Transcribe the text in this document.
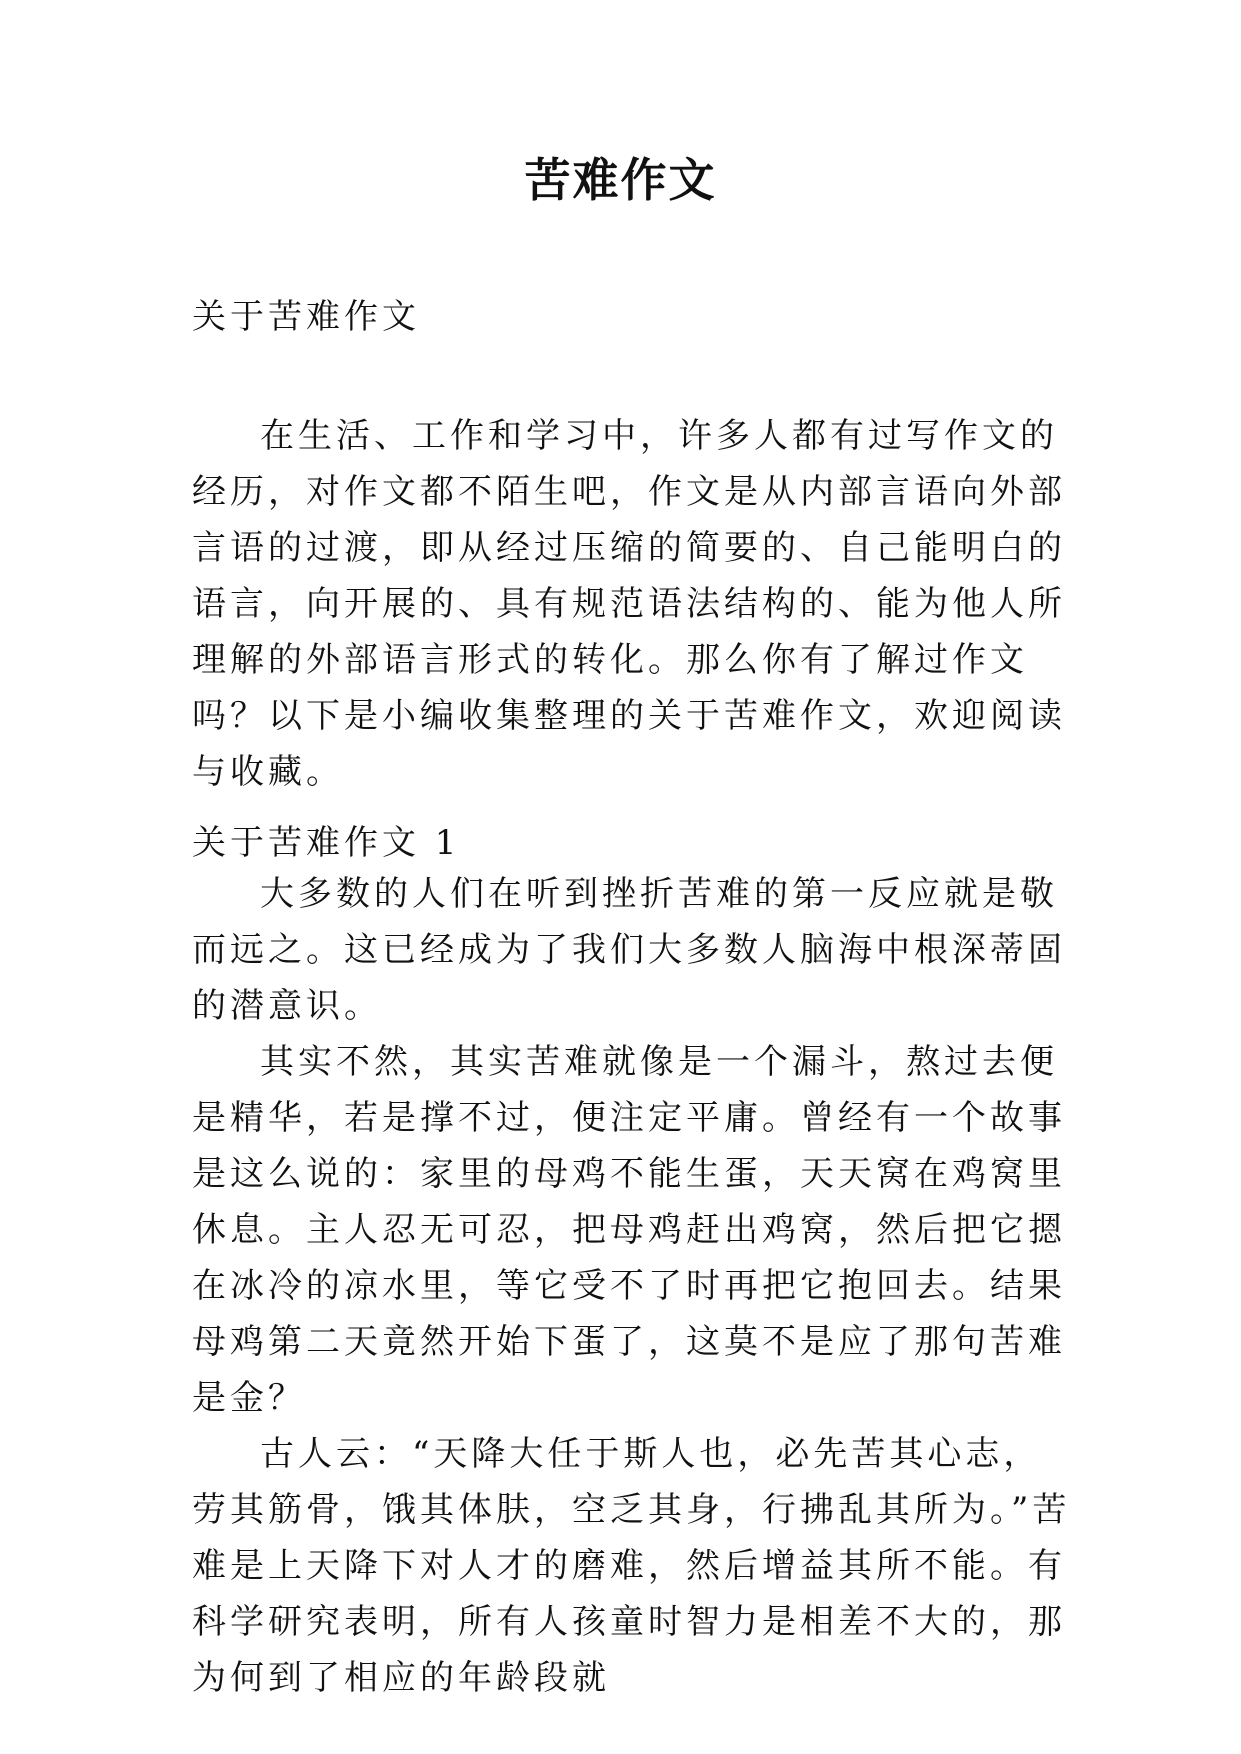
苦难作文
关于苦难作文

在生活、工作和学习中，许多人都有过写作文的经历，对作文都不陌生吧，作文是从内部言语向外部言语的过渡，即从经过压缩的简要的、自己能明白的语言，向开展的、具有规范语法结构的、能为他人所理解的外部语言形式的转化。那么你有了解过作文吗？以下是小编收集整理的关于苦难作文，欢迎阅读与收藏。

关于苦难作文 1

大多数的人们在听到挫折苦难的第一反应就是敬而远之。这已经成为了我们大多数人脑海中根深蒂固的潜意识。

其实不然，其实苦难就像是一个漏斗，熬过去便是精华，若是撑不过，便注定平庸。曾经有一个故事是这么说的：家里的母鸡不能生蛋，天天窝在鸡窝里休息。主人忍无可忍，把母鸡赶出鸡窝，然后把它摁在冰冷的凉水里，等它受不了时再把它抱回去。结果母鸡第二天竟然开始下蛋了，这莫不是应了那句苦难是金？

古人云：“天降大任于斯人也，必先苦其心志，劳其筋骨，饿其体肤，空乏其身，行拂乱其所为。”苦难是上天降下对人才的磨难，然后增益其所不能。有科学研究表明，所有人孩童时智力是相差不大的，那为何到了相应的年龄段就
